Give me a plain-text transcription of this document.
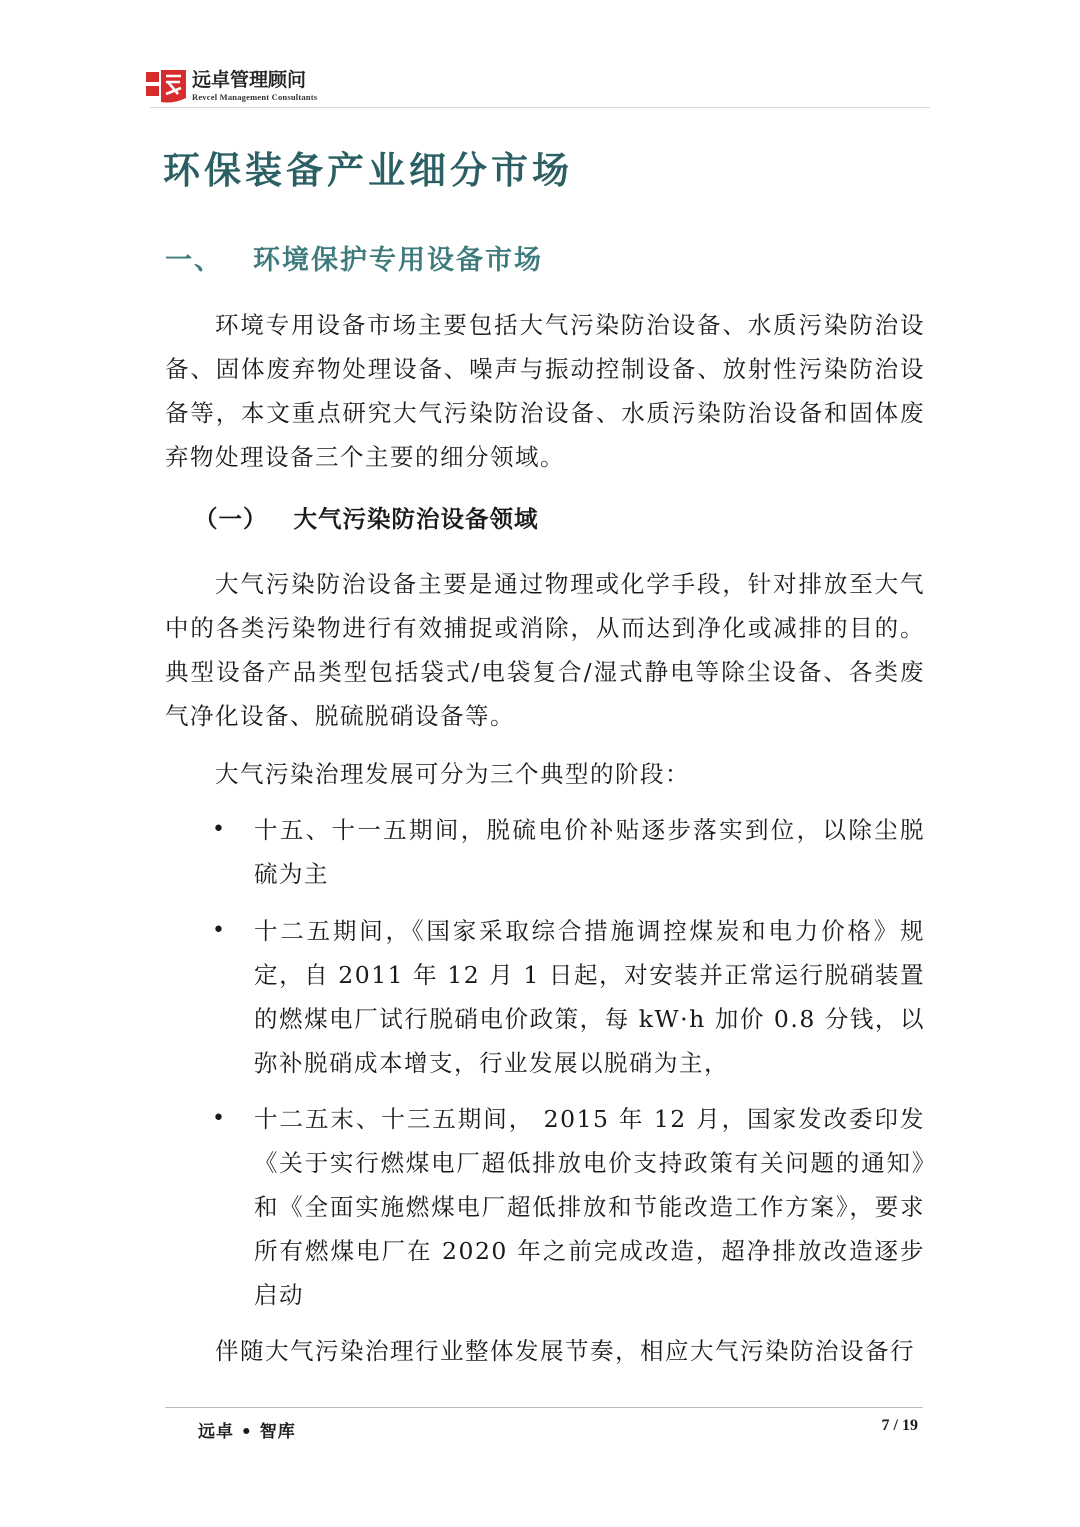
远卓管理顾问
Revcel Management Consultants
环保装备产业细分市场
一、 环境保护专用设备市场

环境专用设备市场主要包括大气污染防治设备、水质污染防治设备、固体废弃物处理设备、噪声与振动控制设备、放射性污染防治设备等，本文重点研究大气污染防治设备、水质污染防治设备和固体废弃物处理设备三个主要的细分领域。

（一） 大气污染防治设备领域

大气污染防治设备主要是通过物理或化学手段，针对排放至大气中的各类污染物进行有效捕捉或消除，从而达到净化或减排的目的。典型设备产品类型包括袋式/电袋复合/湿式静电等除尘设备、各类废气净化设备、脱硫脱硝设备等。

大气污染治理发展可分为三个典型的阶段：

•	十五、十一五期间，脱硫电价补贴逐步落实到位，以除尘脱硫为主

•	十二五期间，《国家采取综合措施调控煤炭和电力价格》规定，自 2011 年 12 月 1 日起，对安装并正常运行脱硝装置的燃煤电厂试行脱硝电价政策，每 kW·h 加价 0.8 分钱，以弥补脱硝成本增支，行业发展以脱硝为主，

•	十二五末、十三五期间， 2015 年 12 月，国家发改委印发《关于实行燃煤电厂超低排放电价支持政策有关问题的通知》和《全面实施燃煤电厂超低排放和节能改造工作方案》，要求所有燃煤电厂在 2020 年之前完成改造，超净排放改造逐步启动

伴随大气污染治理行业整体发展节奏，相应大气污染防治设备行

远卓 • 智库	7 / 19
